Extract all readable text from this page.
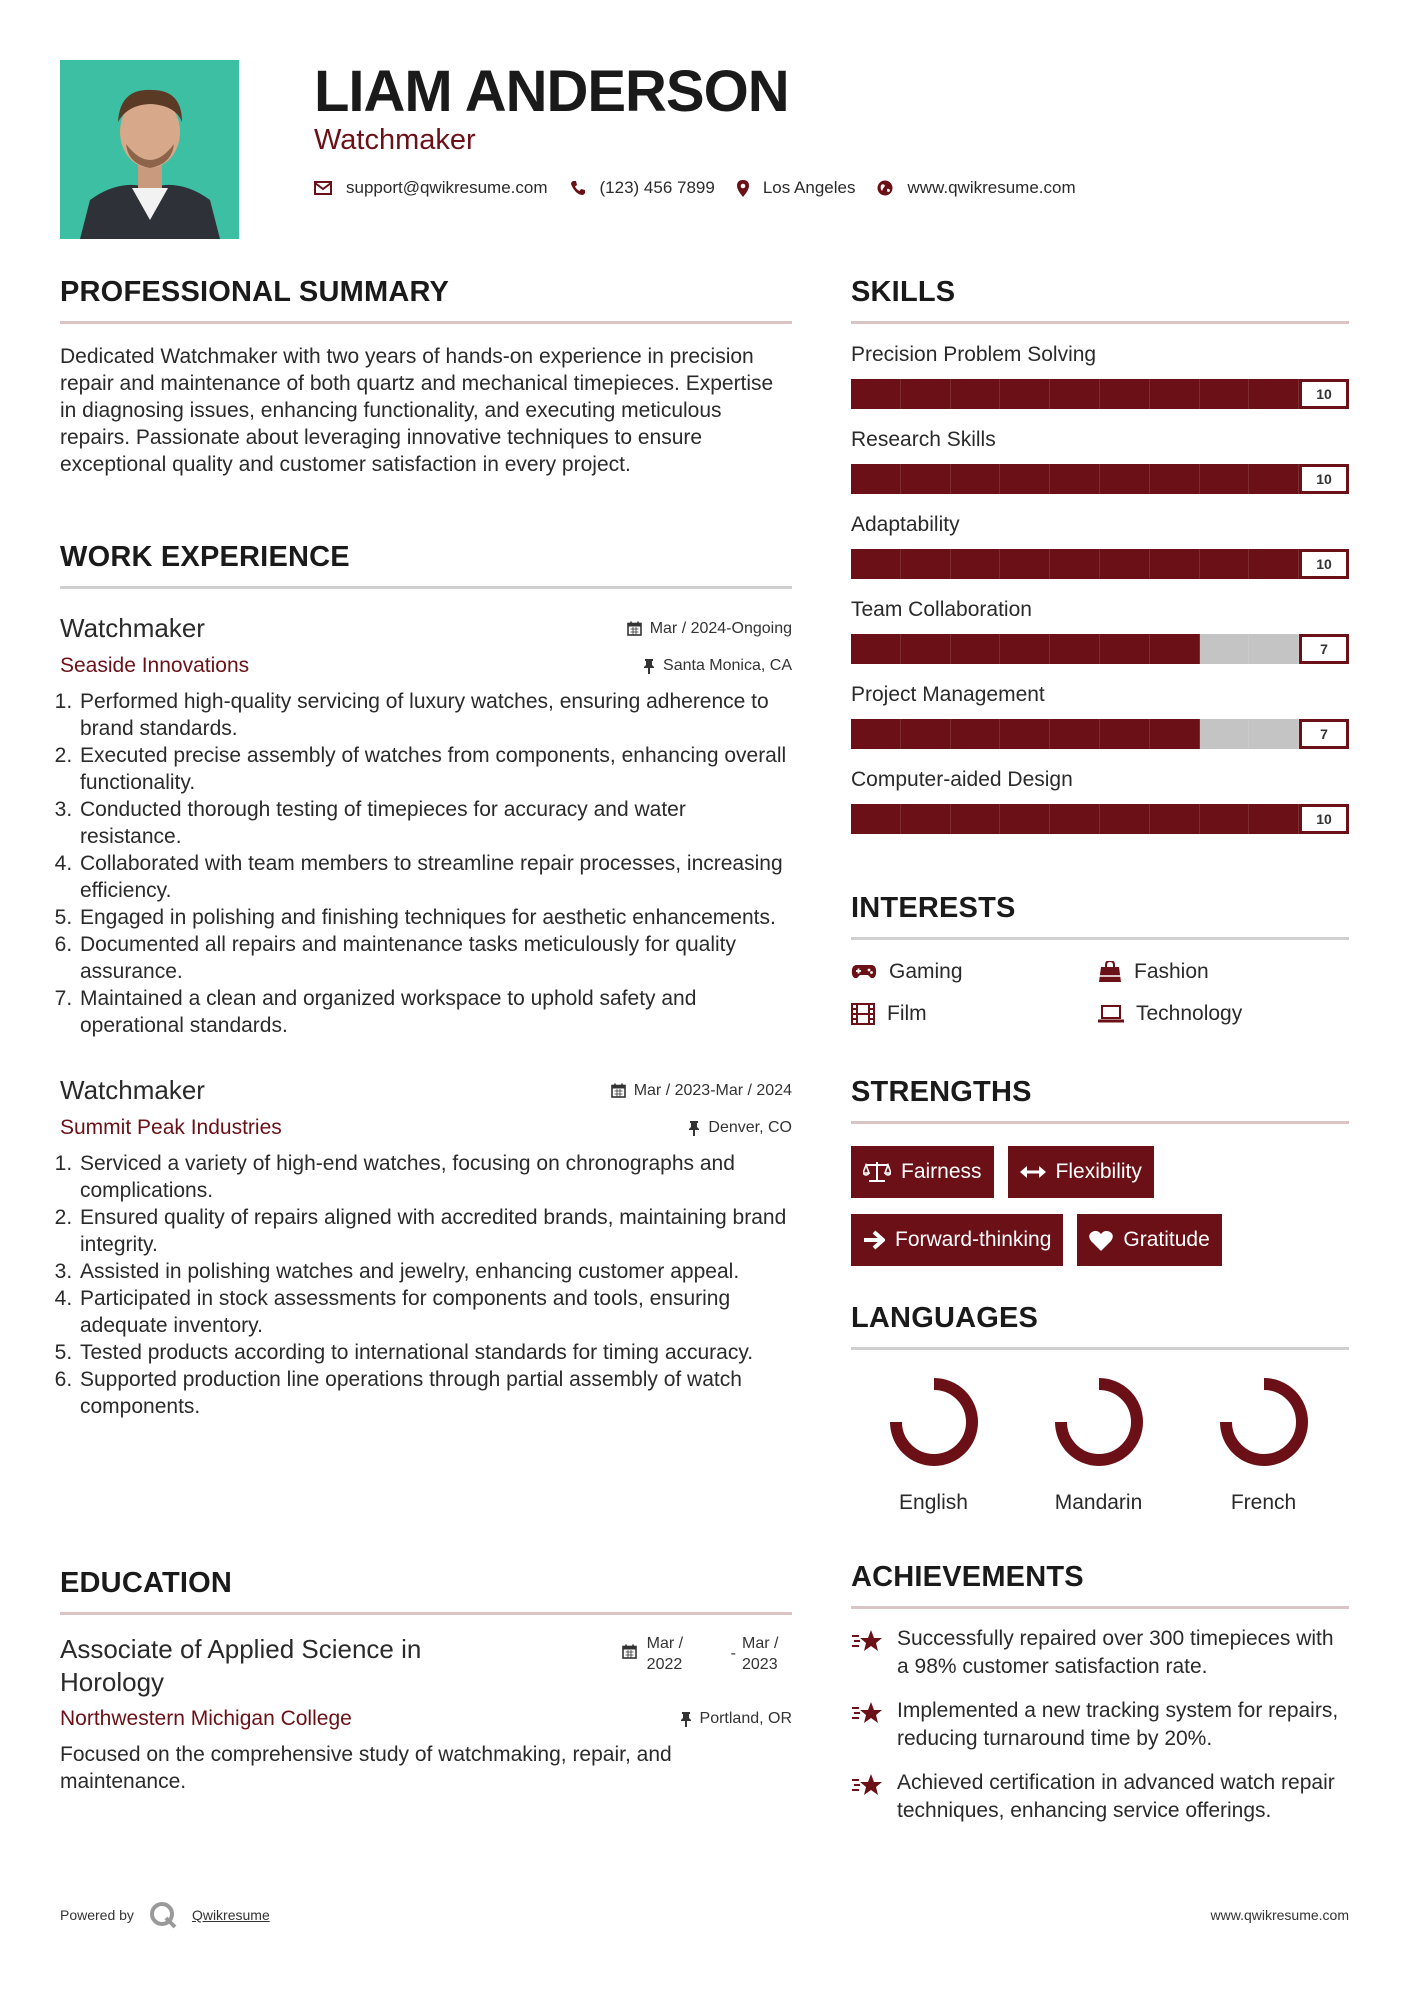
LIAM ANDERSON
Watchmaker
support@qwikresume.com	(123) 456 7899	Los Angeles	www.qwikresume.com
PROFESSIONAL SUMMARY
Dedicated Watchmaker with two years of hands-on experience in precision repair and maintenance of both quartz and mechanical timepieces. Expertise in diagnosing issues, enhancing functionality, and executing meticulous repairs. Passionate about leveraging innovative techniques to ensure exceptional quality and customer satisfaction in every project.
WORK EXPERIENCE
Watchmaker	Mar / 2024-Ongoing
Seaside Innovations	Santa Monica, CA
1. Performed high-quality servicing of luxury watches, ensuring adherence to brand standards.
2. Executed precise assembly of watches from components, enhancing overall functionality.
3. Conducted thorough testing of timepieces for accuracy and water resistance.
4. Collaborated with team members to streamline repair processes, increasing efficiency.
5. Engaged in polishing and finishing techniques for aesthetic enhancements.
6. Documented all repairs and maintenance tasks meticulously for quality assurance.
7. Maintained a clean and organized workspace to uphold safety and operational standards.
Watchmaker	Mar / 2023-Mar / 2024
Summit Peak Industries	Denver, CO
1. Serviced a variety of high-end watches, focusing on chronographs and complications.
2. Ensured quality of repairs aligned with accredited brands, maintaining brand integrity.
3. Assisted in polishing watches and jewelry, enhancing customer appeal.
4. Participated in stock assessments for components and tools, ensuring adequate inventory.
5. Tested products according to international standards for timing accuracy.
6. Supported production line operations through partial assembly of watch components.
EDUCATION
Associate of Applied Science in Horology
Mar / 2022
-
Mar / 2023
Northwestern Michigan College	Portland, OR
Focused on the comprehensive study of watchmaking, repair, and maintenance.
SKILLS
Precision Problem Solving
10
Research Skills
10
Adaptability
10
Team Collaboration
7
Project Management
7
Computer-aided Design
10
INTERESTS
Gaming	Fashion
Film	Technology
STRENGTHS
Fairness	Flexibility
Forward-thinking	Gratitude
LANGUAGES
English	Mandarin	French
ACHIEVEMENTS
Successfully repaired over 300 timepieces with a 98% customer satisfaction rate.
Implemented a new tracking system for repairs, reducing turnaround time by 20%.
Achieved certification in advanced watch repair techniques, enhancing service offerings.
Powered by	Qwikresume	www.qwikresume.com
